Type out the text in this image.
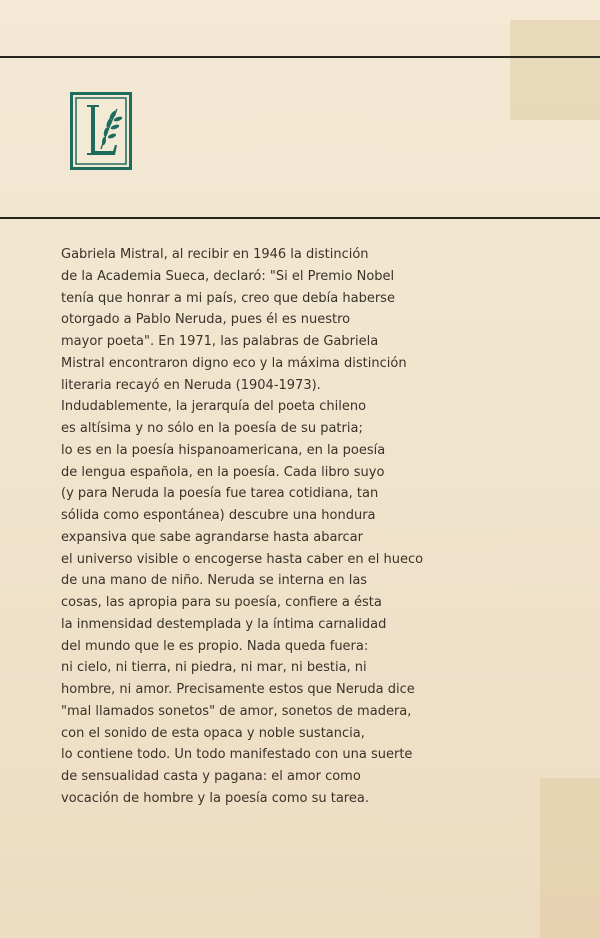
Gabriela Mistral, al recibir en 1946 la distinción
de la Academia Sueca, declaró: "Si el Premio Nobel
tenía que honrar a mi país, creo que debía haberse
otorgado a Pablo Neruda, pues él es nuestro
mayor poeta". En 1971, las palabras de Gabriela
Mistral encontraron digno eco y la máxima distinción
literaria recayó en Neruda (1904-1973).
Indudablemente, la jerarquía del poeta chileno
es altísima y no sólo en la poesía de su patria;
lo es en la poesía hispanoamericana, en la poesía
de lengua española, en la poesía. Cada libro suyo
(y para Neruda la poesía fue tarea cotidiana, tan
sólida como espontánea) descubre una hondura
expansiva que sabe agrandarse hasta abarcar
el universo visible o encogerse hasta caber en el hueco
de una mano de niño. Neruda se interna en las
cosas, las apropia para su poesía, confiere a ésta
la inmensidad destemplada y la íntima carnalidad
del mundo que le es propio. Nada queda fuera:
ni cielo, ni tierra, ni piedra, ni mar, ni bestia, ni
hombre, ni amor. Precisamente estos que Neruda dice
"mal llamados sonetos" de amor, sonetos de madera,
con el sonido de esta opaca y noble sustancia,
lo contiene todo. Un todo manifestado con una suerte
de sensualidad casta y pagana: el amor como
vocación de hombre y la poesía como su tarea.
